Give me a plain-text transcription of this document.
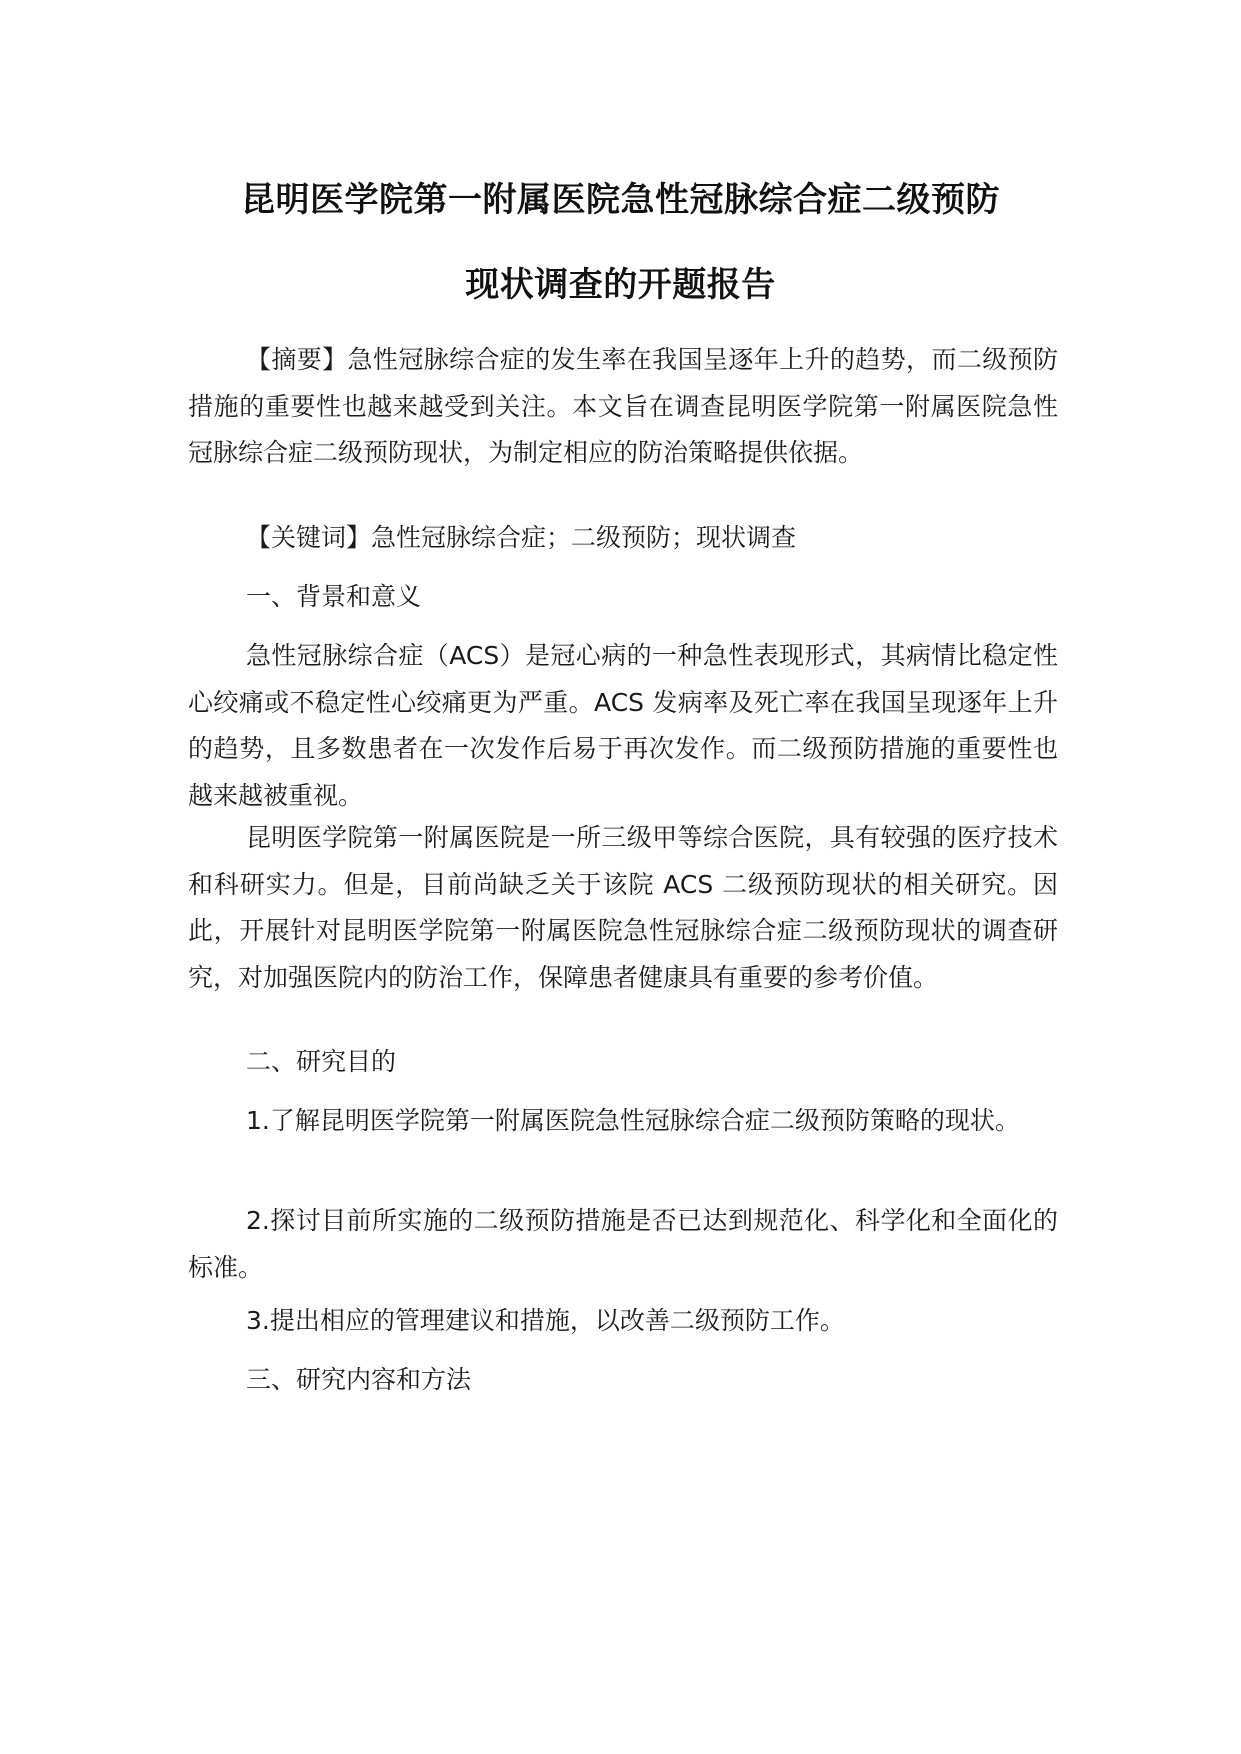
昆明医学院第一附属医院急性冠脉综合症二级预防
现状调查的开题报告

【摘要】急性冠脉综合症的发生率在我国呈逐年上升的趋势，而二级预防措施的重要性也越来越受到关注。本文旨在调查昆明医学院第一附属医院急性冠脉综合症二级预防现状，为制定相应的防治策略提供依据。

【关键词】急性冠脉综合症；二级预防；现状调查

一、背景和意义

急性冠脉综合症（ACS）是冠心病的一种急性表现形式，其病情比稳定性心绞痛或不稳定性心绞痛更为严重。ACS 发病率及死亡率在我国呈现逐年上升的趋势，且多数患者在一次发作后易于再次发作。而二级预防措施的重要性也越来越被重视。

昆明医学院第一附属医院是一所三级甲等综合医院，具有较强的医疗技术和科研实力。但是，目前尚缺乏关于该院 ACS 二级预防现状的相关研究。因此，开展针对昆明医学院第一附属医院急性冠脉综合症二级预防现状的调查研究，对加强医院内的防治工作，保障患者健康具有重要的参考价值。

二、研究目的

1.了解昆明医学院第一附属医院急性冠脉综合症二级预防策略的现状。

2.探讨目前所实施的二级预防措施是否已达到规范化、科学化和全面化的标准。

3.提出相应的管理建议和措施，以改善二级预防工作。

三、研究内容和方法
